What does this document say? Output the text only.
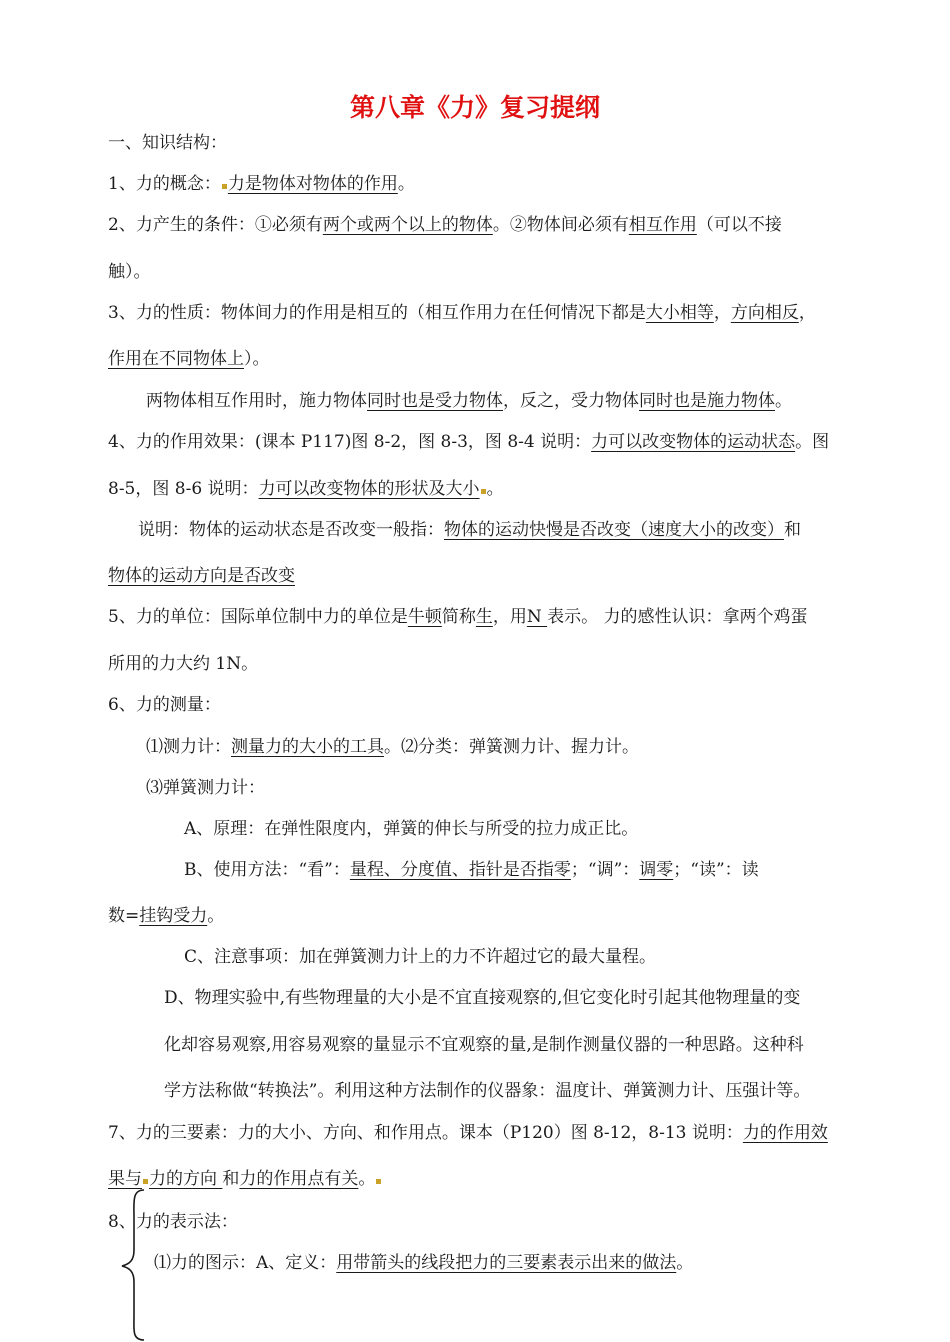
第八章《力》复习提纲
一、知识结构：
1、力的概念： 力是物体对物体的作用。
2、力产生的条件：①必须有两个或两个以上的物体。②物体间必须有相互作用（可以不接
触）。
3、力的性质：物体间力的作用是相互的（相互作用力在任何情况下都是大小相等，方向相反，
作用在不同物体上）。
两物体相互作用时，施力物体同时也是受力物体，反之，受力物体同时也是施力物体。
4、力的作用效果：(课本 P117)图 8-2，图 8-3，图 8-4 说明：力可以改变物体的运动状态。图
8-5，图 8-6 说明：力可以改变物体的形状及大小 。
说明：物体的运动状态是否改变一般指：物体的运动快慢是否改变（速度大小的改变）和
物体的运动方向是否改变
5、力的单位：国际单位制中力的单位是牛顿简称生，用N 表示。 力的感性认识：拿两个鸡蛋
所用的力大约 1N。
6、力的测量：
⑴测力计：测量力的大小的工具。⑵分类：弹簧测力计、握力计。
⑶弹簧测力计：
A、原理：在弹性限度内，弹簧的伸长与所受的拉力成正比。
B、使用方法：“看”：量程、分度值、指针是否指零；“调”：调零；“读”：读
数=挂钩受力。
C、注意事项：加在弹簧测力计上的力不许超过它的最大量程。
D、物理实验中,有些物理量的大小是不宜直接观察的,但它变化时引起其他物理量的变
化却容易观察,用容易观察的量显示不宜观察的量,是制作测量仪器的一种思路。这种科
学方法称做“转换法”。利用这种方法制作的仪器象：温度计、弹簧测力计、压强计等。
7、力的三要素：力的大小、方向、和作用点。课本（P120）图 8-12，8-13 说明：力的作用效
果与 力的方向 和力的作用点有关。
8、力的表示法：
⑴力的图示：A、定义：用带箭头的线段把力的三要素表示出来的做法。
